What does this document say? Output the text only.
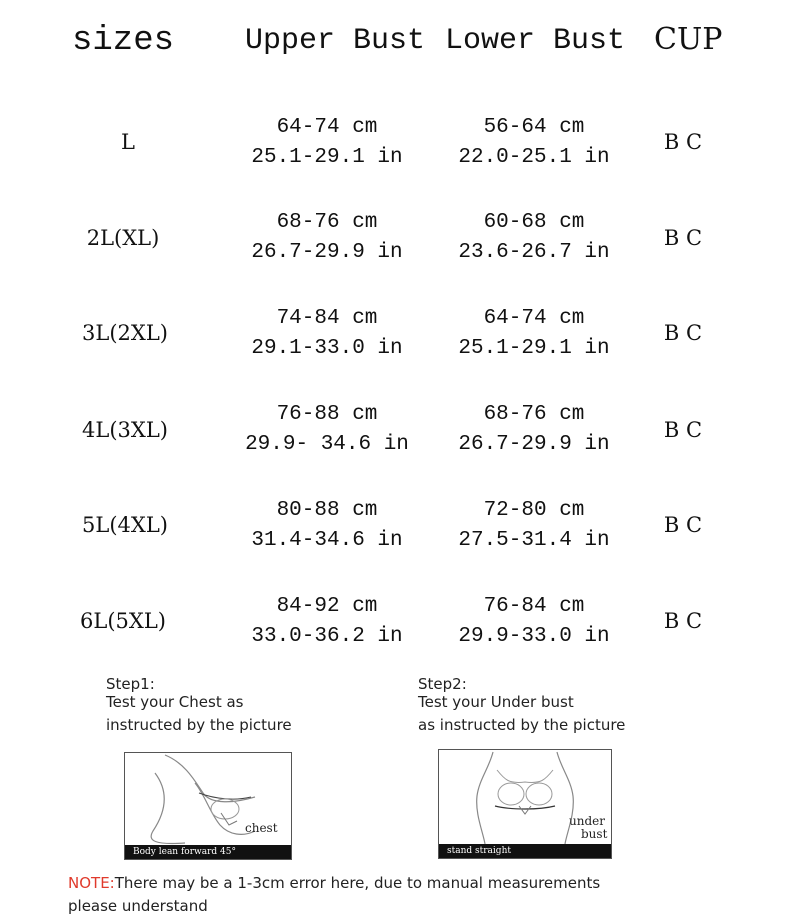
sizes Upper Bust Lower Bust CUP
L
64-74 cm
25.1-29.1 in
56-64 cm
22.0-25.1 in
B C
2L(XL)
68-76 cm
26.7-29.9 in
60-68 cm
23.6-26.7 in
B C
3L(2XL)
74-84 cm
29.1-33.0 in
64-74 cm
25.1-29.1 in
B C
4L(3XL)
76-88 cm
29.9- 34.6 in
68-76 cm
26.7-29.9 in
B C
5L(4XL)
80-88 cm
31.4-34.6 in
72-80 cm
27.5-31.4 in
B C
6L(5XL)
84-92 cm
33.0-36.2 in
76-84 cm
29.9-33.0 in
B C
Step1:
Test your Chest as
instructed by the picture
chest
Body lean forward 45°
Step2:
Test your Under bust
as instructed by the picture
under
bust
stand straight
NOTE:There may be a 1-3cm error here, due to manual measurements
please understand
